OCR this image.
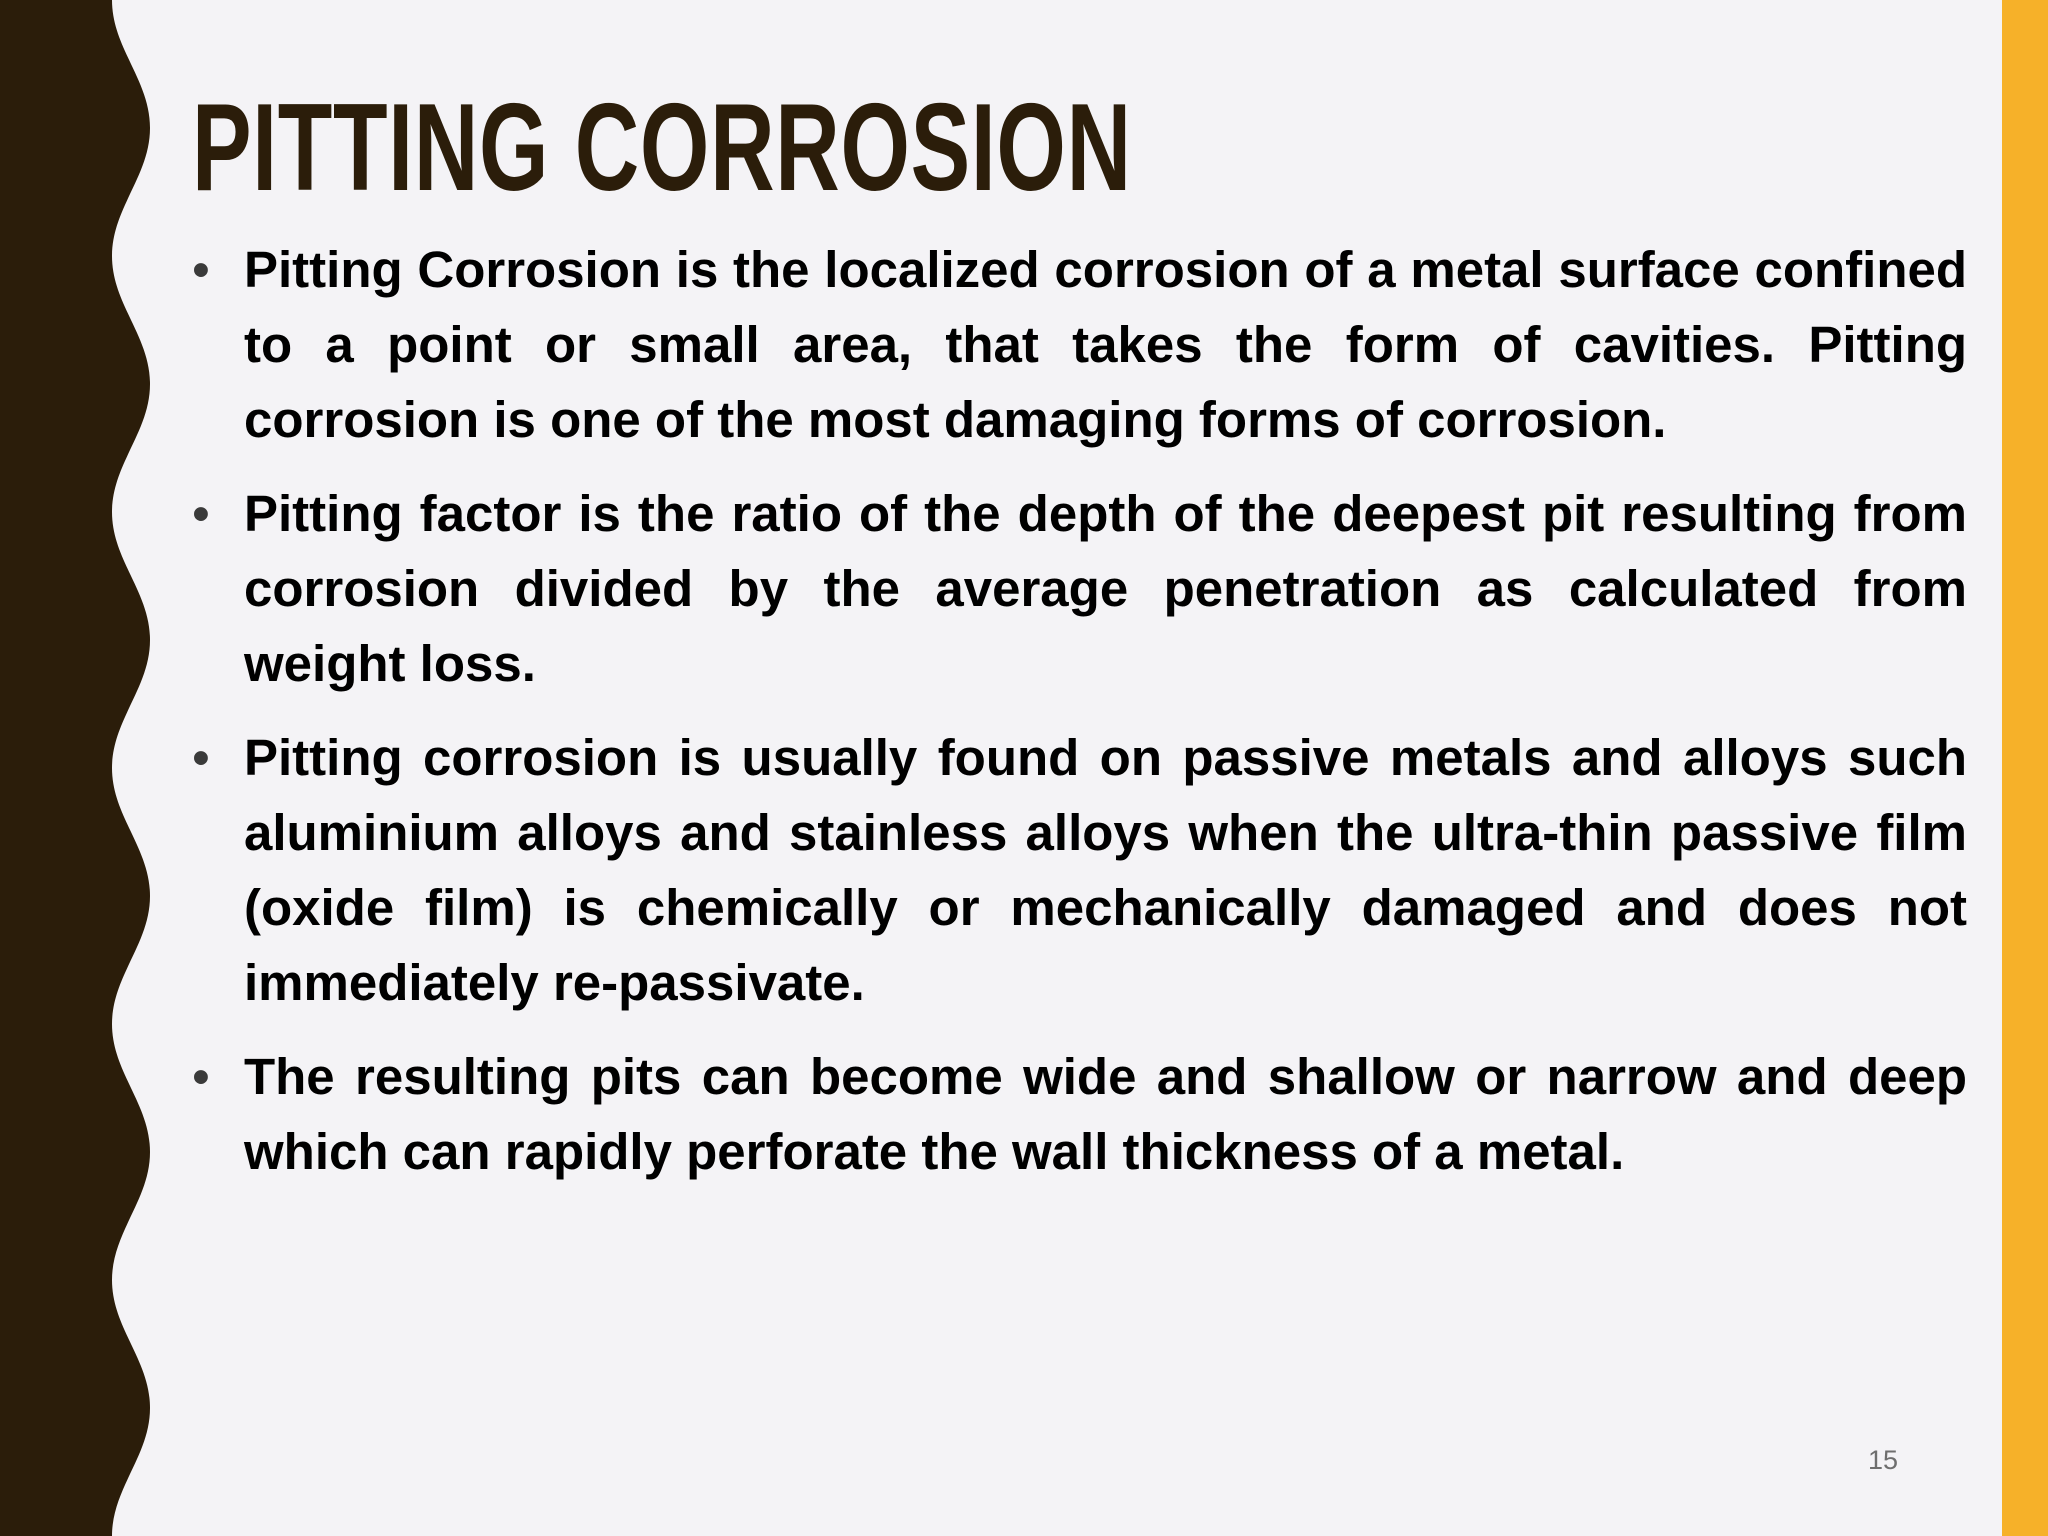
PITTING CORROSION
• Pitting Corrosion is the localized corrosion of a metal surface confined to a point or small area, that takes the form of cavities. Pitting corrosion is one of the most damaging forms of corrosion.
• Pitting factor is the ratio of the depth of the deepest pit resulting from corrosion divided by the average penetration as calculated from weight loss.
• Pitting corrosion is usually found on passive metals and alloys such aluminium alloys and stainless alloys when the ultra-thin passive film (oxide film) is chemically or mechanically damaged and does not immediately re-passivate.
• The resulting pits can become wide and shallow or narrow and deep which can rapidly perforate the wall thickness of a metal.
15
